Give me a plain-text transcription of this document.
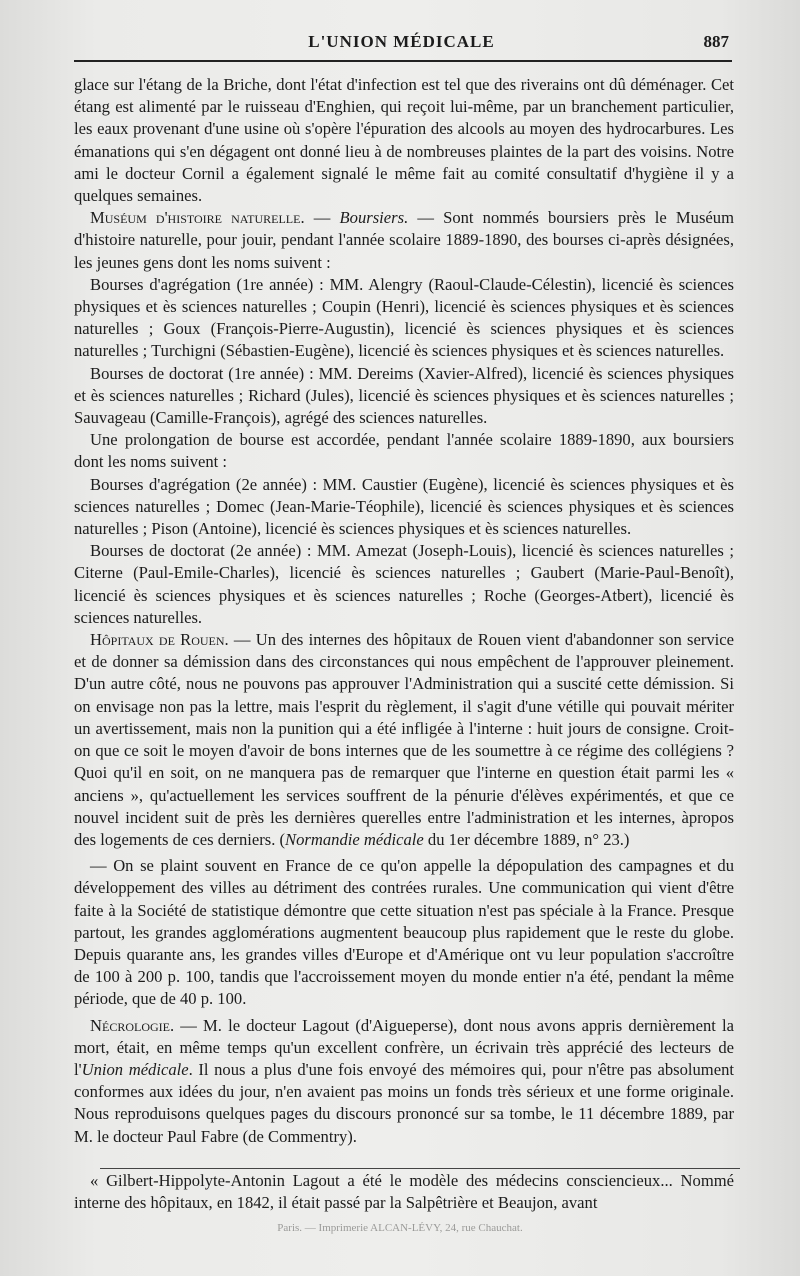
L'UNION MÉDICALE	887

glace sur l'étang de la Briche, dont l'état d'infection est tel que des riverains ont dû déménager. Cet étang est alimenté par le ruisseau d'Enghien, qui reçoit lui-même, par un branchement particulier, les eaux provenant d'une usine où s'opère l'épuration des alcools au moyen des hydrocarbures. Les émanations qui s'en dégagent ont donné lieu à de nombreuses plaintes de la part des voisins. Notre ami le docteur Cornil a également signalé le même fait au comité consultatif d'hygiène il y a quelques semaines.

Muséum d'histoire naturelle. — Boursiers. — Sont nommés boursiers près le Muséum d'histoire naturelle, pour jouir, pendant l'année scolaire 1889-1890, des bourses ci-après désignées, les jeunes gens dont les noms suivent :

Bourses d'agrégation (1re année) : MM. Alengry (Raoul-Claude-Célestin), licencié ès sciences physiques et ès sciences naturelles ; Coupin (Henri), licencié ès sciences physiques et ès sciences naturelles ; Goux (François-Pierre-Augustin), licencié ès sciences physiques et ès sciences naturelles ; Turchigni (Sébastien-Eugène), licencié ès sciences physiques et ès sciences naturelles.

Bourses de doctorat (1re année) : MM. Dereims (Xavier-Alfred), licencié ès sciences physiques et ès sciences naturelles ; Richard (Jules), licencié ès sciences physiques et ès sciences naturelles ; Sauvageau (Camille-François), agrégé des sciences naturelles.

Une prolongation de bourse est accordée, pendant l'année scolaire 1889-1890, aux boursiers dont les noms suivent :

Bourses d'agrégation (2e année) : MM. Caustier (Eugène), licencié ès sciences physiques et ès sciences naturelles ; Domec (Jean-Marie-Téophile), licencié ès sciences physiques et ès sciences naturelles ; Pison (Antoine), licencié ès sciences physiques et ès sciences naturelles.

Bourses de doctorat (2e année) : MM. Amezat (Joseph-Louis), licencié ès sciences naturelles ; Citerne (Paul-Emile-Charles), licencié ès sciences naturelles ; Gaubert (Marie-Paul-Benoît), licencié ès sciences physiques et ès sciences naturelles ; Roche (Georges-Atbert), licencié ès sciences naturelles.

Hôpitaux de Rouen. — Un des internes des hôpitaux de Rouen vient d'abandonner son service et de donner sa démission dans des circonstances qui nous empêchent de l'approuver pleinement. D'un autre côté, nous ne pouvons pas approuver l'Administration qui a suscité cette démission. Si on envisage non pas la lettre, mais l'esprit du règlement, il s'agit d'une vétille qui pouvait mériter un avertissement, mais non la punition qui a été infligée à l'interne : huit jours de consigne. Croit-on que ce soit le moyen d'avoir de bons internes que de les soumettre à ce régime des collégiens ? Quoi qu'il en soit, on ne manquera pas de remarquer que l'interne en question était parmi les « anciens », qu'actuellement les services souffrent de la pénurie d'élèves expérimentés, et que ce nouvel incident suit de près les dernières querelles entre l'administration et les internes, àpropos des logements de ces derniers. (Normandie médicale du 1er décembre 1889, n° 23.)

— On se plaint souvent en France de ce qu'on appelle la dépopulation des campagnes et du développement des villes au détriment des contrées rurales. Une communication qui vient d'être faite à la Société de statistique démontre que cette situation n'est pas spéciale à la France. Presque partout, les grandes agglomérations augmentent beaucoup plus rapidement que le reste du globe. Depuis quarante ans, les grandes villes d'Europe et d'Amérique ont vu leur population s'accroître de 100 à 200 p. 100, tandis que l'accroissement moyen du monde entier n'a été, pendant la même période, que de 40 p. 100.

Nécrologie. — M. le docteur Lagout (d'Aigueperse), dont nous avons appris dernièrement la mort, était, en même temps qu'un excellent confrère, un écrivain très apprécié des lecteurs de l'Union médicale. Il nous a plus d'une fois envoyé des mémoires qui, pour n'être pas absolument conformes aux idées du jour, n'en avaient pas moins un fonds très sérieux et une forme originale. Nous reproduisons quelques pages du discours prononcé sur sa tombe, le 11 décembre 1889, par M. le docteur Paul Fabre (de Commentry).

« Gilbert-Hippolyte-Antonin Lagout a été le modèle des médecins consciencieux... Nommé interne des hôpitaux, en 1842, il était passé par la Salpêtrière et Beaujon, avant

Paris. — Imprimerie ALCAN-LÉVY, 24, rue Chauchat.
